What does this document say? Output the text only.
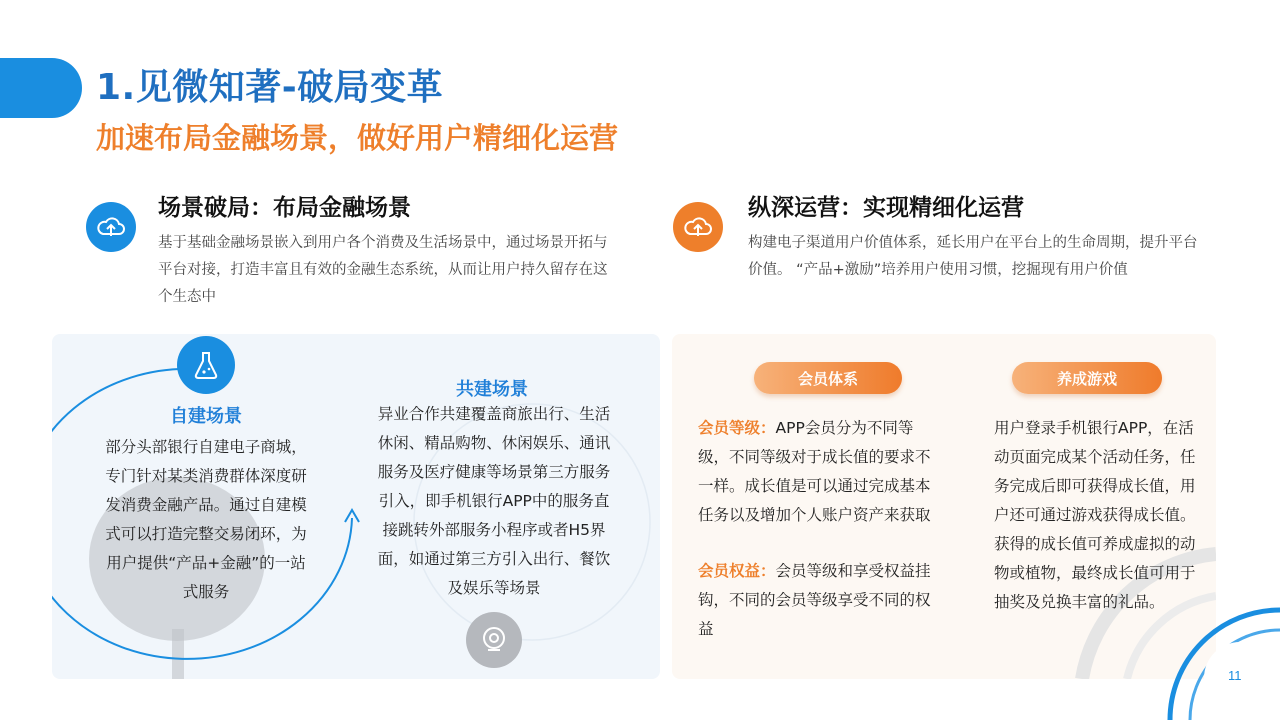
1.见微知著-破局变革
加速布局金融场景，做好用户精细化运营
场景破局：布局金融场景
基于基础金融场景嵌入到用户各个消费及生活场景中，通过场景开拓与平台对接，打造丰富且有效的金融生态系统，从而让用户持久留存在这个生态中
纵深运营：实现精细化运营
构建电子渠道用户价值体系，延长用户在平台上的生命周期，提升平台价值。 “产品+激励”培养用户使用习惯，挖掘现有用户价值
自建场景
部分头部银行自建电子商城，专门针对某类消费群体深度研发消费金融产品。通过自建模式可以打造完整交易闭环，为用户提供“产品+金融”的一站式服务
共建场景
异业合作共建覆盖商旅出行、生活休闲、精品购物、休闲娱乐、通讯服务及医疗健康等场景第三方服务引入，即手机银行APP中的服务直接跳转外部服务小程序或者H5界面，如通过第三方引入出行、餐饮及娱乐等场景
会员体系	养成游戏
会员等级：APP会员分为不同等级，不同等级对于成长值的要求不一样。成长值是可以通过完成基本任务以及增加个人账户资产来获取
会员权益：会员等级和享受权益挂钩，不同的会员等级享受不同的权益
用户登录手机银行APP，在活动页面完成某个活动任务，任务完成后即可获得成长值，用户还可通过游戏获得成长值。获得的成长值可养成虚拟的动物或植物，最终成长值可用于抽奖及兑换丰富的礼品。
11
